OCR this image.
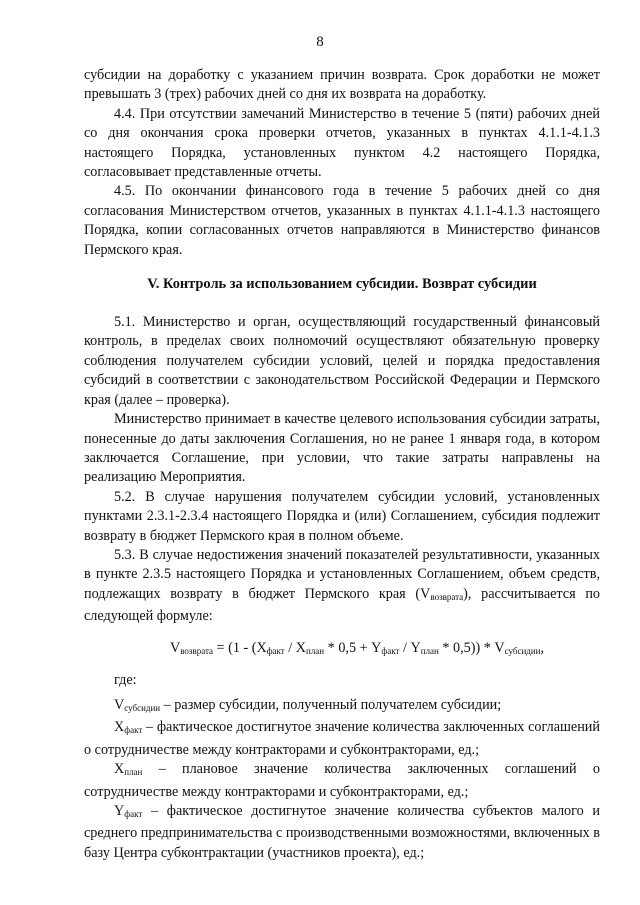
8

субсидии на доработку с указанием причин возврата. Срок доработки не может превышать 3 (трех) рабочих дней со дня их возврата на доработку.

4.4. При отсутствии замечаний Министерство в течение 5 (пяти) рабочих дней со дня окончания срока проверки отчетов, указанных в пунктах 4.1.1-4.1.3 настоящего Порядка, установленных пунктом 4.2 настоящего Порядка, согласовывает представленные отчеты.

4.5. По окончании финансового года в течение 5 рабочих дней со дня согласования Министерством отчетов, указанных в пунктах 4.1.1-4.1.3 настоящего Порядка, копии согласованных отчетов направляются в Министерство финансов Пермского края.

V. Контроль за использованием субсидии. Возврат субсидии

5.1. Министерство и орган, осуществляющий государственный финансовый контроль, в пределах своих полномочий осуществляют обязательную проверку соблюдения получателем субсидии условий, целей и порядка предоставления субсидий в соответствии с законодательством Российской Федерации и Пермского края (далее – проверка).

Министерство принимает в качестве целевого использования субсидии затраты, понесенные до даты заключения Соглашения, но не ранее 1 января года, в котором заключается Соглашение, при условии, что такие затраты направлены на реализацию Мероприятия.

5.2. В случае нарушения получателем субсидии условий, установленных пунктами 2.3.1-2.3.4 настоящего Порядка и (или) Соглашением, субсидия подлежит возврату в бюджет Пермского края в полном объеме.

5.3. В случае недостижения значений показателей результативности, указанных в пункте 2.3.5 настоящего Порядка и установленных Соглашением, объем средств, подлежащих возврату в бюджет Пермского края $(V_{возврата})$, рассчитывается по следующей формуле:

$V_{возврата} = (1 - (X_{факт} / X_{план} * 0,5 + Y_{факт} / Y_{план} * 0,5)) * V_{субсидии}$,

где:

$V_{субсидии}$ – размер субсидии, полученный получателем субсидии;

$X_{факт}$ – фактическое достигнутое значение количества заключенных соглашений о сотрудничестве между контракторами и субконтракторами, ед.;

$X_{план}$ – плановое значение количества заключенных соглашений о сотрудничестве между контракторами и субконтракторами, ед.;

$Y_{факт}$ – фактическое достигнутое значение количества субъектов малого и среднего предпринимательства с производственными возможностями, включенных в базу Центра субконтрактации (участников проекта), ед.;
